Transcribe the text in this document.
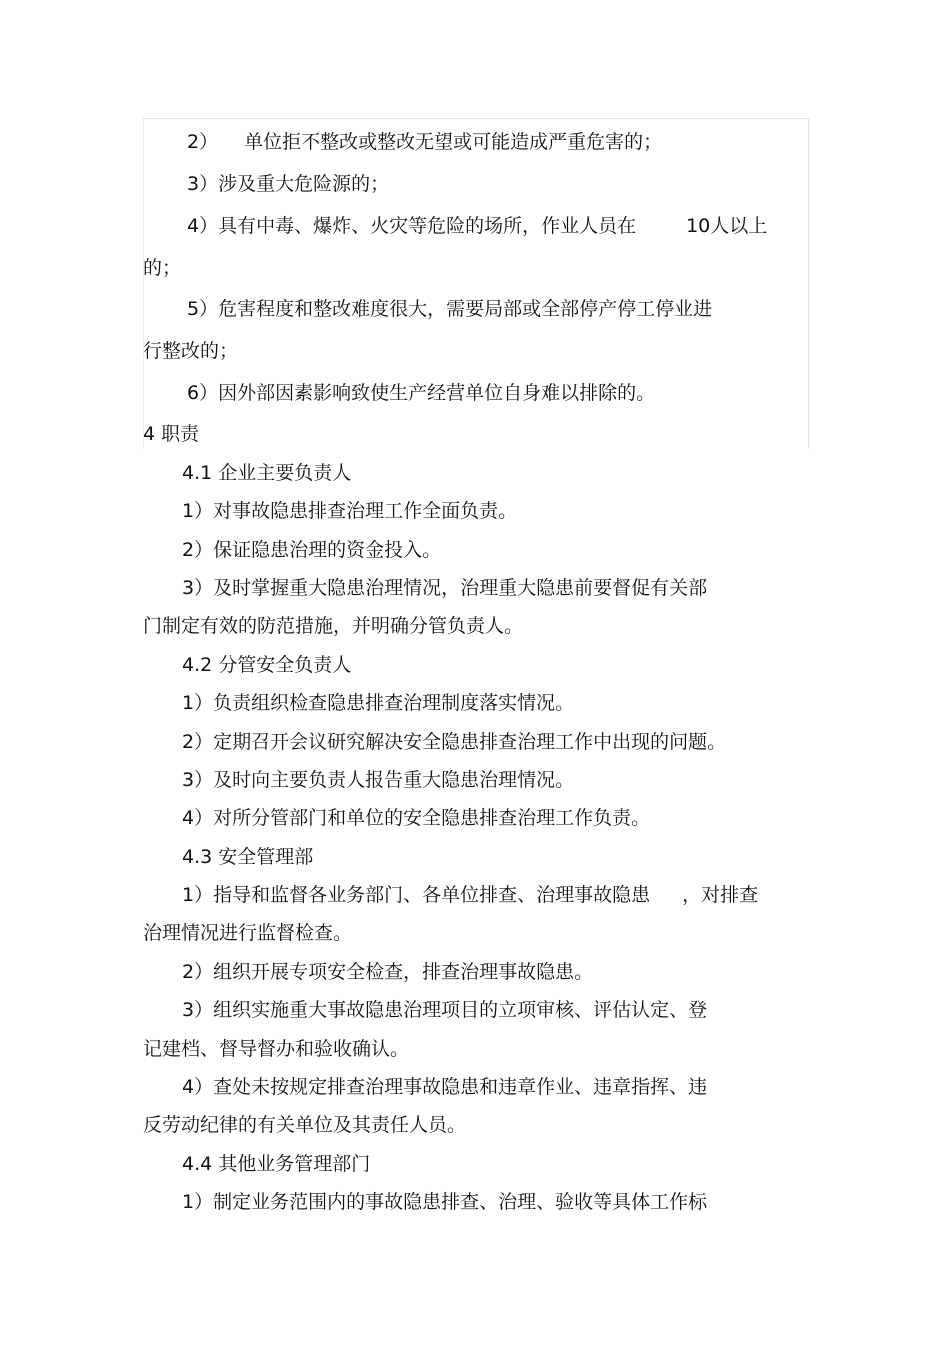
2） 单位拒不整改或整改无望或可能造成严重危害的；
3）涉及重大危险源的；
4）具有中毒、爆炸、火灾等危险的场所，作业人员在	10人以上
的；
5）危害程度和整改难度很大，需要局部或全部停产停工停业进
行整改的；
6）因外部因素影响致使生产经营单位自身难以排除的。
4 职责
4.1 企业主要负责人
1）对事故隐患排查治理工作全面负责。
2）保证隐患治理的资金投入。
3）及时掌握重大隐患治理情况，治理重大隐患前要督促有关部
门制定有效的防范措施，并明确分管负责人。
4.2 分管安全负责人
1）负责组织检查隐患排查治理制度落实情况。
2）定期召开会议研究解决安全隐患排查治理工作中出现的问题。
3）及时向主要负责人报告重大隐患治理情况。
4）对所分管部门和单位的安全隐患排查治理工作负责。
4.3 安全管理部
1）指导和监督各业务部门、各单位排查、治理事故隐患 ，对排查
治理情况进行监督检查。
2）组织开展专项安全检查，排查治理事故隐患。
3）组织实施重大事故隐患治理项目的立项审核、评估认定、登
记建档、督导督办和验收确认。
4）查处未按规定排查治理事故隐患和违章作业、违章指挥、违
反劳动纪律的有关单位及其责任人员。
4.4 其他业务管理部门
1）制定业务范围内的事故隐患排查、治理、验收等具体工作标
